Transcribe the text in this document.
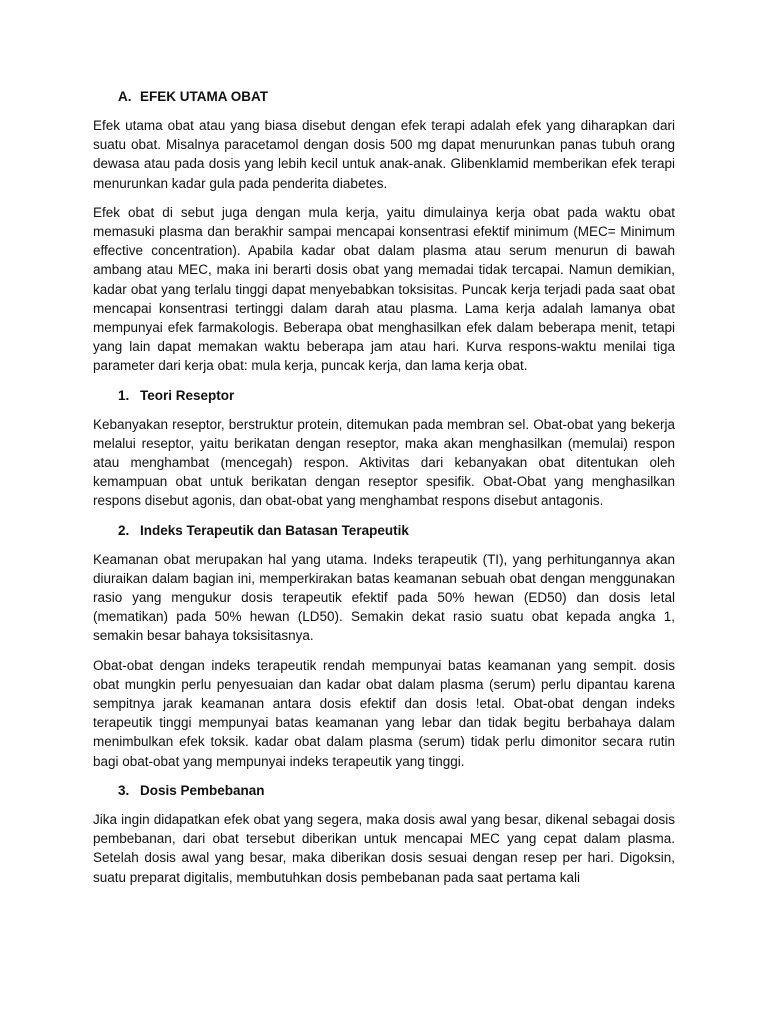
A. EFEK UTAMA OBAT

Efek utama obat atau yang biasa disebut dengan efek terapi adalah efek yang diharapkan dari suatu obat. Misalnya paracetamol dengan dosis 500 mg dapat menurunkan panas tubuh orang dewasa atau pada dosis yang lebih kecil untuk anak-anak. Glibenklamid memberikan efek terapi menurunkan kadar gula pada penderita diabetes.

Efek obat di sebut juga dengan mula kerja, yaitu dimulainya kerja obat pada waktu obat memasuki plasma dan berakhir sampai mencapai konsentrasi efektif minimum (MEC= Minimum effective concentration). Apabila kadar obat dalam plasma atau serum menurun di bawah ambang atau MEC, maka ini berarti dosis obat yang memadai tidak tercapai. Namun demikian, kadar obat yang terlalu tinggi dapat menyebabkan toksisitas. Puncak kerja terjadi pada saat obat mencapai konsentrasi tertinggi dalam darah atau plasma. Lama kerja adalah lamanya obat mempunyai efek farmakologis. Beberapa obat menghasilkan efek dalam beberapa menit, tetapi yang lain dapat memakan waktu beberapa jam atau hari. Kurva respons-waktu menilai tiga parameter dari kerja obat: mula kerja, puncak kerja, dan lama kerja obat.

1. Teori Reseptor

Kebanyakan reseptor, berstruktur protein, ditemukan pada membran sel. Obat-obat yang bekerja melalui reseptor, yaitu berikatan dengan reseptor, maka akan menghasilkan (memulai) respon atau menghambat (mencegah) respon. Aktivitas dari kebanyakan obat ditentukan oleh kemampuan obat untuk berikatan dengan reseptor spesifik. Obat-Obat yang menghasilkan respons disebut agonis, dan obat-obat yang menghambat respons disebut antagonis.

2. Indeks Terapeutik dan Batasan Terapeutik

Keamanan obat merupakan hal yang utama. Indeks terapeutik (TI), yang perhitungannya akan diuraikan dalam bagian ini, memperkirakan batas keamanan sebuah obat dengan menggunakan rasio yang mengukur dosis terapeutik efektif pada 50% hewan (ED50) dan dosis letal (mematikan) pada 50% hewan (LD50). Semakin dekat rasio suatu obat kepada angka 1, semakin besar bahaya toksisitasnya.

Obat-obat dengan indeks terapeutik rendah mempunyai batas keamanan yang sempit. dosis obat mungkin perlu penyesuaian dan kadar obat dalam plasma (serum) perlu dipantau karena sempitnya jarak keamanan antara dosis efektif dan dosis !etal. Obat-obat dengan indeks terapeutik tinggi mempunyai batas keamanan yang lebar dan tidak begitu berbahaya dalam menimbulkan efek toksik. kadar obat dalam plasma (serum) tidak perlu dimonitor secara rutin bagi obat-obat yang mempunyai indeks terapeutik yang tinggi.

3. Dosis Pembebanan

Jika ingin didapatkan efek obat yang segera, maka dosis awal yang besar, dikenal sebagai dosis pembebanan, dari obat tersebut diberikan untuk mencapai MEC yang cepat dalam plasma. Setelah dosis awal yang besar, maka diberikan dosis sesuai dengan resep per hari. Digoksin, suatu preparat digitalis, membutuhkan dosis pembebanan pada saat pertama kali
